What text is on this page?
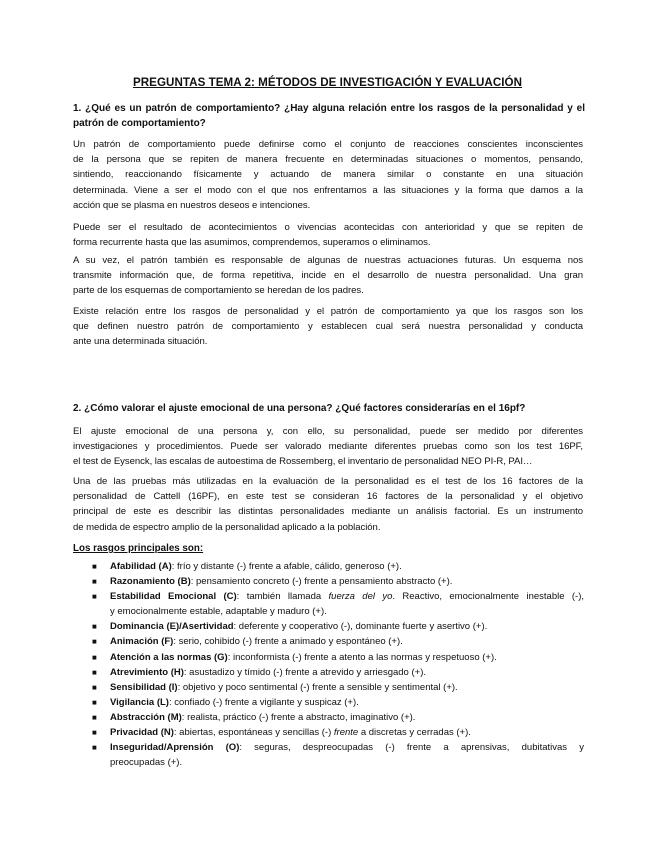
PREGUNTAS TEMA 2: MÉTODOS DE INVESTIGACIÓN Y EVALUACIÓN
1. ¿Qué es un patrón de comportamiento? ¿Hay alguna relación entre los rasgos de la personalidad y el
patrón de comportamiento?
Un patrón de comportamiento puede definirse como el conjunto de reacciones conscientes inconscientes
de la persona que se repiten de manera frecuente en determinadas situaciones o momentos, pensando,
sintiendo, reaccionando físicamente y actuando de manera similar o constante en una situación
determinada. Viene a ser el modo con el que nos enfrentamos a las situaciones y la forma que damos a la
acción que se plasma en nuestros deseos e intenciones.
Puede ser el resultado de acontecimientos o vivencias acontecidas con anterioridad y que se repiten de
forma recurrente hasta que las asumimos, comprendemos, superamos o eliminamos.
A su vez, el patrón también es responsable de algunas de nuestras actuaciones futuras. Un esquema nos
transmite información que, de forma repetitiva, incide en el desarrollo de nuestra personalidad. Una gran
parte de los esquemas de comportamiento se heredan de los padres.
Existe relación entre los rasgos de personalidad y el patrón de comportamiento ya que los rasgos son los
que definen nuestro patrón de comportamiento y establecen cual será nuestra personalidad y conducta
ante una determinada situación.
2. ¿Cómo valorar el ajuste emocional de una persona? ¿Qué factores considerarías en el 16pf?
El ajuste emocional de una persona y, con ello, su personalidad, puede ser medido por diferentes
investigaciones y procedimientos. Puede ser valorado mediante diferentes pruebas como son los test 16PF,
el test de Eysenck, las escalas de autoestima de Rossemberg, el inventario de personalidad NEO PI-R, PAI…
Una de las pruebas más utilizadas en la evaluación de la personalidad es el test de los 16 factores de la
personalidad de Cattell (16PF), en este test se consideran 16 factores de la personalidad y el objetivo
principal de este es describir las distintas personalidades mediante un análisis factorial. Es un instrumento
de medida de espectro amplio de la personalidad aplicado a la población.
Los rasgos principales son:
■ Afabilidad (A): frío y distante (-) frente a afable, cálido, generoso (+).
■ Razonamiento (B): pensamiento concreto (-) frente a pensamiento abstracto (+).
■ Estabilidad Emocional (C): también llamada fuerza del yo. Reactivo, emocionalmente inestable (-),
y emocionalmente estable, adaptable y maduro (+).
■ Dominancia (E)/Asertividad: deferente y cooperativo (-), dominante fuerte y asertivo (+).
■ Animación (F): serio, cohibido (-) frente a animado y espontáneo (+).
■ Atención a las normas (G): inconformista (-) frente a atento a las normas y respetuoso (+).
■ Atrevimiento (H): asustadizo y tímido (-) frente a atrevido y arriesgado (+).
■ Sensibilidad (I): objetivo y poco sentimental (-) frente a sensible y sentimental (+).
■ Vigilancia (L): confiado (-) frente a vigilante y suspicaz (+).
■ Abstracción (M): realista, práctico (-) frente a abstracto, imaginativo (+).
■ Privacidad (N): abiertas, espontáneas y sencillas (-) frente a discretas y cerradas (+).
■ Inseguridad/Aprensión (O): seguras, despreocupadas (-) frente a aprensivas, dubitativas y
preocupadas (+).
